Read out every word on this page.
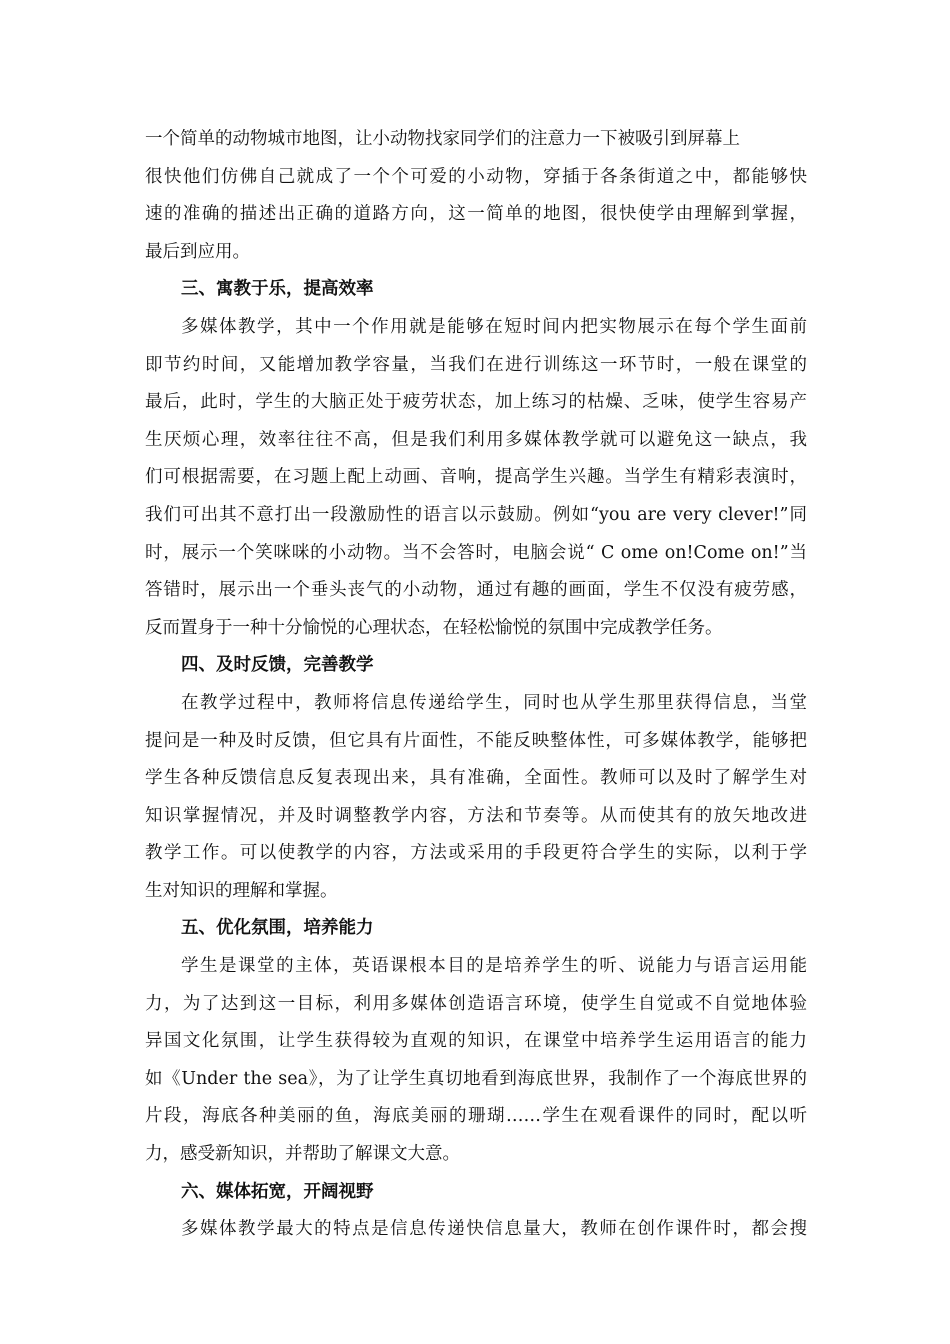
一个简单的动物城市地图，让小动物找家同学们的注意力一下被吸引到屏幕上
很快他们仿佛自己就成了一个个可爱的小动物，穿插于各条街道之中，都能够快
速的准确的描述出正确的道路方向，这一简单的地图，很快使学由理解到掌握，
最后到应用。
三、寓教于乐，提高效率
多媒体教学，其中一个作用就是能够在短时间内把实物展示在每个学生面前
即节约时间，又能增加教学容量，当我们在进行训练这一环节时，一般在课堂的
最后，此时，学生的大脑正处于疲劳状态，加上练习的枯燥、乏味，使学生容易产
生厌烦心理，效率往往不高，但是我们利用多媒体教学就可以避免这一缺点，我
们可根据需要，在习题上配上动画、音响，提高学生兴趣。当学生有精彩表演时，
我们可出其不意打出一段激励性的语言以示鼓励。例如“you are very clever!”同
时，展示一个笑咪咪的小动物。当不会答时，电脑会说“ C ome on!Come on!”当
答错时，展示出一个垂头丧气的小动物，通过有趣的画面，学生不仅没有疲劳感，
反而置身于一种十分愉悦的心理状态，在轻松愉悦的氛围中完成教学任务。
四、及时反馈，完善教学
在教学过程中，教师将信息传递给学生，同时也从学生那里获得信息，当堂
提问是一种及时反馈，但它具有片面性，不能反映整体性，可多媒体教学，能够把
学生各种反馈信息反复表现出来，具有准确，全面性。教师可以及时了解学生对
知识掌握情况，并及时调整教学内容，方法和节奏等。从而使其有的放矢地改进
教学工作。可以使教学的内容，方法或采用的手段更符合学生的实际，以利于学
生对知识的理解和掌握。
五、优化氛围，培养能力
学生是课堂的主体，英语课根本目的是培养学生的听、说能力与语言运用能
力，为了达到这一目标，利用多媒体创造语言环境，使学生自觉或不自觉地体验
异国文化氛围，让学生获得较为直观的知识，在课堂中培养学生运用语言的能力
如《Under the sea》，为了让学生真切地看到海底世界，我制作了一个海底世界的
片段，海底各种美丽的鱼，海底美丽的珊瑚……学生在观看课件的同时，配以听
力，感受新知识，并帮助了解课文大意。
六、媒体拓宽，开阔视野
多媒体教学最大的特点是信息传递快信息量大，教师在创作课件时，都会搜
